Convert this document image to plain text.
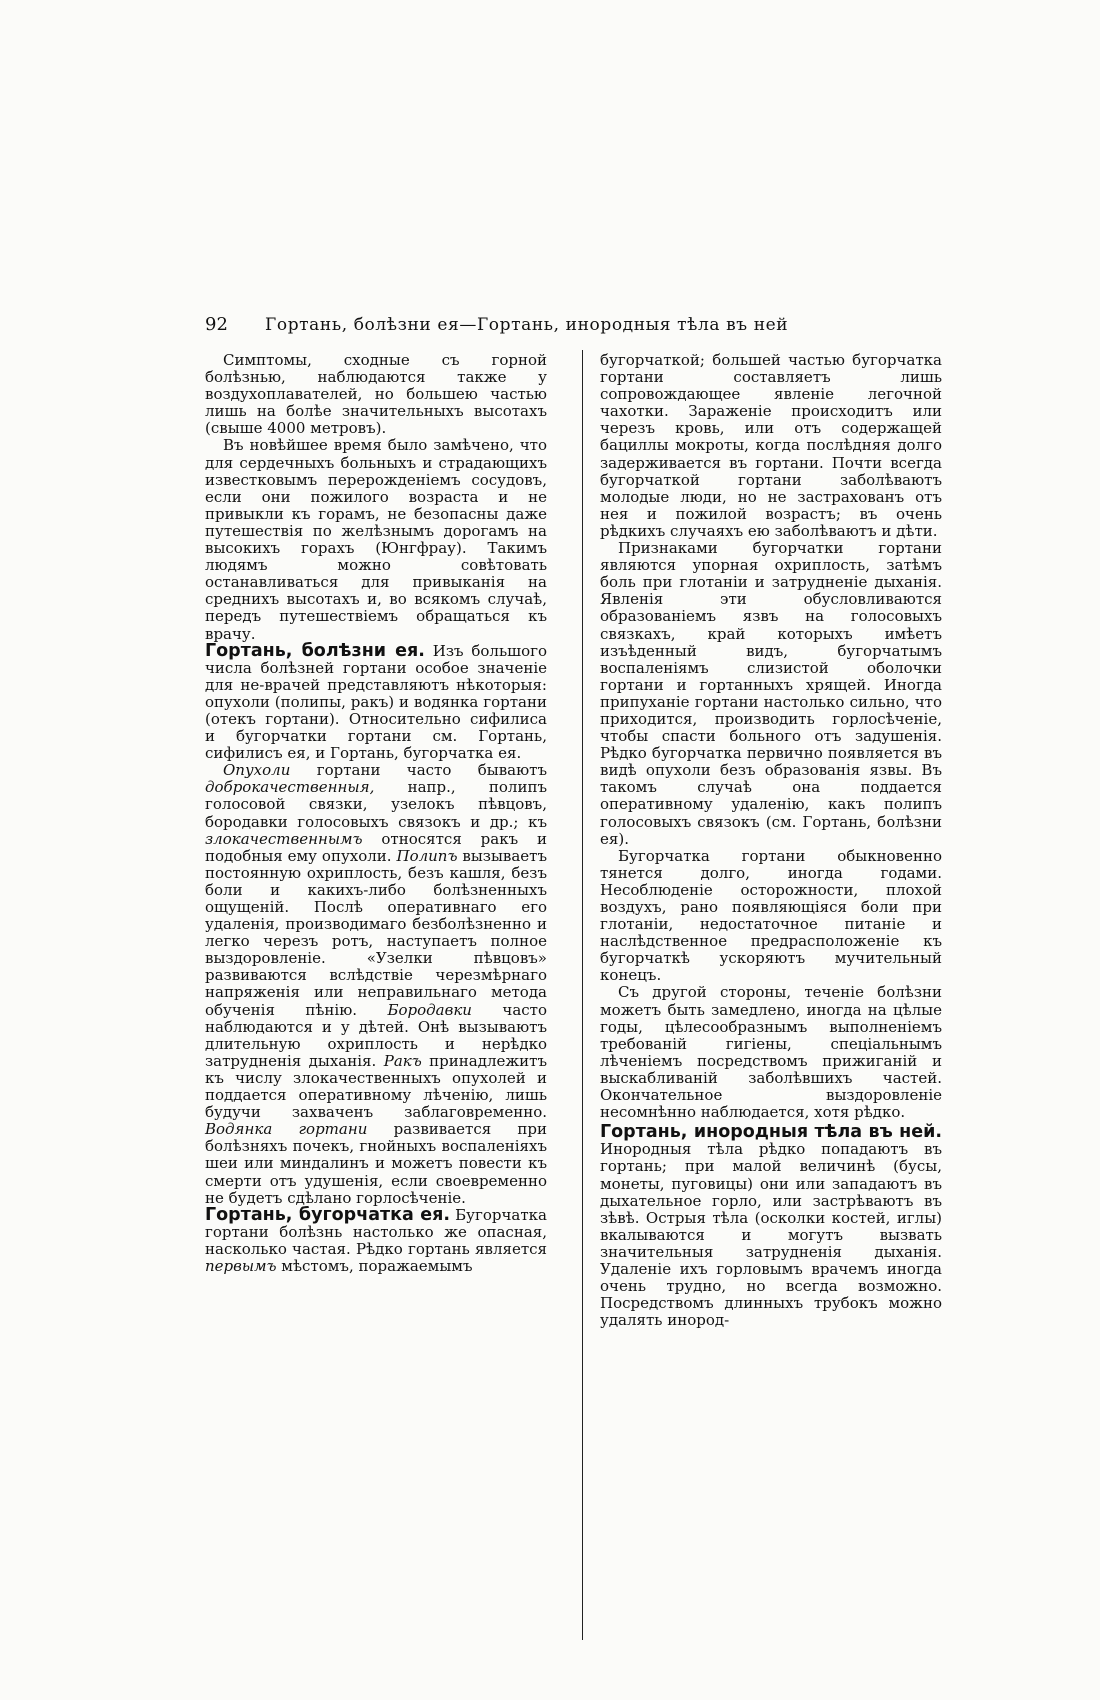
92 Гортань, болѣзни ея—Гортань, инородныя тѣла въ ней

Симптомы, сходные съ горной болѣзнью, наблюдаются также у воздухоплавателей, но большею частью лишь на болѣе значительныхъ высотахъ (свыше 4000 метровъ).

Въ новѣйшее время было замѣчено, что для сердечныхъ больныхъ и страдающихъ известковымъ перерожденіемъ сосудовъ, если они пожилого возраста и не привыкли къ горамъ, не безопасны даже путешествія по желѣзнымъ дорогамъ на высокихъ горахъ (Юнгфрау). Такимъ людямъ можно совѣтовать останавливаться для привыканія на среднихъ высотахъ и, во всякомъ случаѣ, передъ путешествіемъ обращаться къ врачу.

Гортань, болѣзни ея. Изъ большого числа болѣзней гортани особое значеніе для не-врачей представляютъ нѣкоторыя: опухоли (полипы, ракъ) и водянка гортани (отекъ гортани). Относительно сифилиса и бугорчатки гортани см. Гортань, сифилисъ ея, и Гортань, бугорчатка ея.

Опухоли гортани часто бываютъ доброкачественныя, напр., полипъ голосовой связки, узелокъ пѣвцовъ, бородавки голосовыхъ связокъ и др.; къ злокачественнымъ относятся ракъ и подобныя ему опухоли. Полипъ вызываетъ постоянную охриплость, безъ кашля, безъ боли и какихъ-либо болѣзненныхъ ощущеній. Послѣ оперативнаго его удаленія, производимаго безболѣзненно и легко черезъ ротъ, наступаетъ полное выздоровленіе. «Узелки пѣвцовъ» развиваются вслѣдствіе черезмѣрнаго напряженія или неправильнаго метода обученія пѣнію. Бородавки часто наблюдаются и у дѣтей. Онѣ вызываютъ длительную охриплость и нерѣдко затрудненія дыханія. Ракъ принадлежитъ къ числу злокачественныхъ опухолей и поддается оперативному лѣченію, лишь будучи захваченъ заблаговременно. Водянка гортани развивается при болѣзняхъ почекъ, гнойныхъ воспаленіяхъ шеи или миндалинъ и можетъ повести къ смерти отъ удушенія, если своевременно не будетъ сдѣлано горлосѣченіе.

Гортань, бугорчатка ея. Бугорчатка гортани болѣзнь настолько же опасная, насколько частая. Рѣдко гортань является первымъ мѣстомъ, поражаемымъ

бугорчаткой; большей частью бугорчатка гортани составляетъ лишь сопровождающее явленіе легочной чахотки. Зараженіе происходитъ или черезъ кровь, или отъ содержащей бациллы мокроты, когда послѣдняя долго задерживается въ гортани. Почти всегда бугорчаткой гортани заболѣваютъ молодые люди, но не застрахованъ отъ нея и пожилой возрастъ; въ очень рѣдкихъ случаяхъ ею заболѣваютъ и дѣти.

Признаками бугорчатки гортани являются упорная охриплость, затѣмъ боль при глотаніи и затрудненіе дыханія. Явленія эти обусловливаются образованіемъ язвъ на голосовыхъ связкахъ, край которыхъ имѣетъ изъѣденный видъ, бугорчатымъ воспаленіямъ слизистой оболочки гортани и гортанныхъ хрящей. Иногда припуханіе гортани настолько сильно, что приходится, производить горлосѣченіе, чтобы спасти больного отъ задушенія. Рѣдко бугорчатка первично появляется въ видѣ опухоли безъ образованія язвы. Въ такомъ случаѣ она поддается оперативному удаленію, какъ полипъ голосовыхъ связокъ (см. Гортань, болѣзни ея).

Бугорчатка гортани обыкновенно тянется долго, иногда годами. Несоблюденіе осторожности, плохой воздухъ, рано появляющіяся боли при глотаніи, недостаточное питаніе и наслѣдственное предрасположеніе къ бугорчаткѣ ускоряютъ мучительный конецъ.

Съ другой стороны, теченіе болѣзни можетъ быть замедлено, иногда на цѣлые годы, цѣлесообразнымъ выполненіемъ требованій гигіены, спеціальнымъ лѣченіемъ посредствомъ прижиганій и выскабливаній заболѣвшихъ частей. Окончательное выздоровленіе несомнѣнно наблюдается, хотя рѣдко.

Гортань, инородныя тѣла въ ней. Инородныя тѣла рѣдко попадаютъ въ гортань; при малой величинѣ (бусы, монеты, пуговицы) они или западаютъ въ дыхательное горло, или застрѣваютъ въ зѣвѣ. Острыя тѣла (осколки костей, иглы) вкалываются и могутъ вызвать значительныя затрудненія дыханія. Удаленіе ихъ горловымъ врачемъ иногда очень трудно, но всегда возможно. Посредствомъ длинныхъ трубокъ можно удалять инород-
